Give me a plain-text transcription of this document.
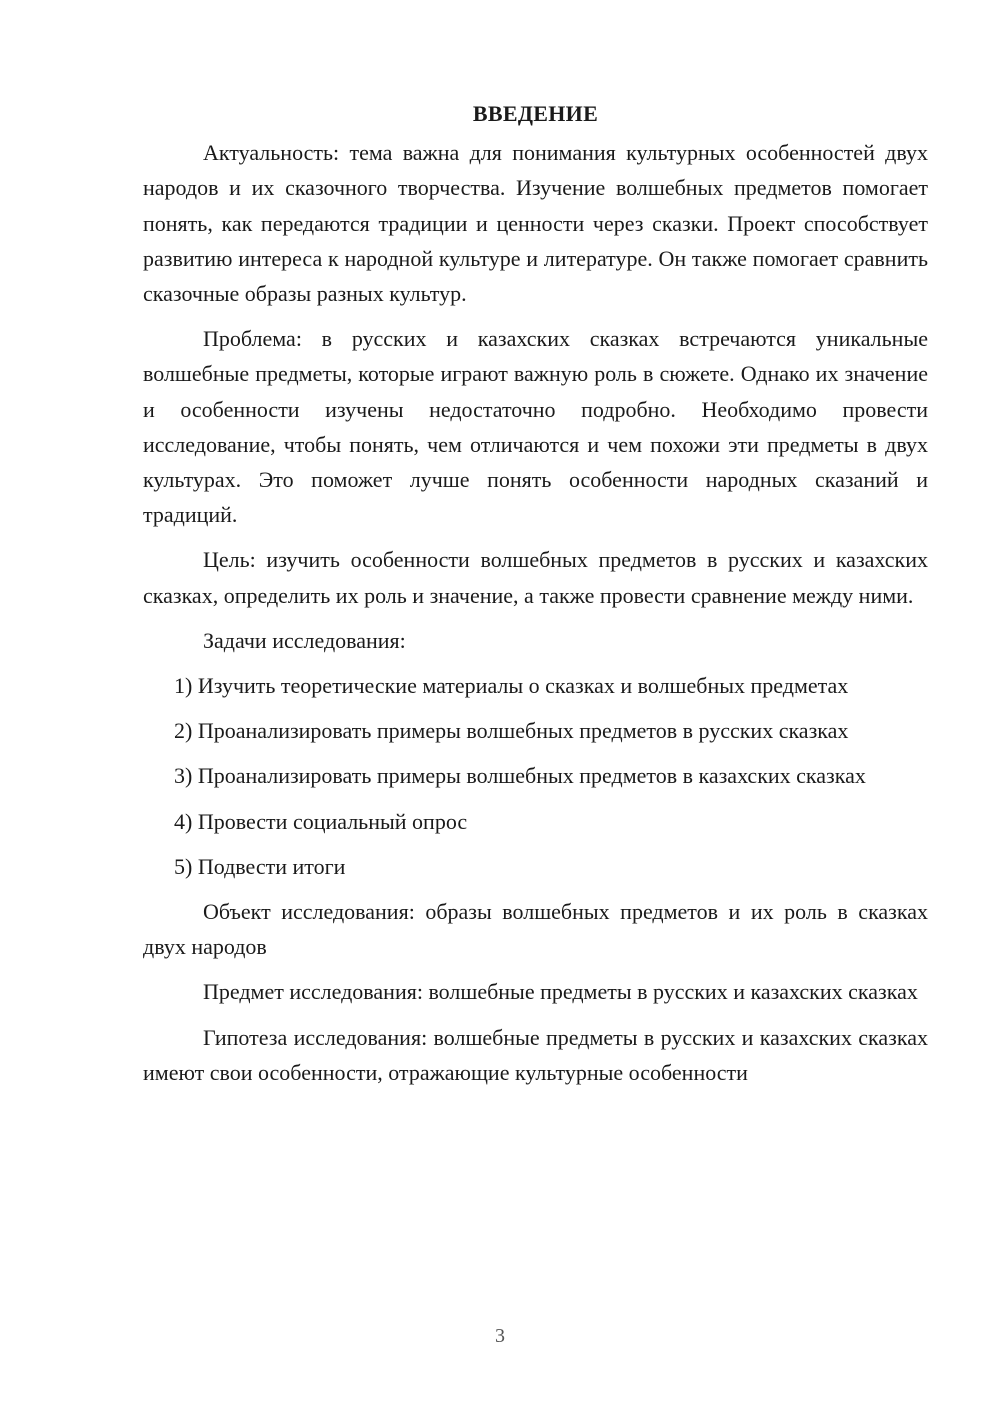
ВВЕДЕНИЕ

Актуальность: тема важна для понимания культурных особенностей двух народов и их сказочного творчества. Изучение волшебных предметов помогает понять, как передаются традиции и ценности через сказки. Проект способствует развитию интереса к народной культуре и литературе. Он также помогает сравнить сказочные образы разных культур.

Проблема: в русских и казахских сказках встречаются уникальные волшебные предметы, которые играют важную роль в сюжете. Однако их значение и особенности изучены недостаточно подробно. Необходимо провести исследование, чтобы понять, чем отличаются и чем похожи эти предметы в двух культурах. Это поможет лучше понять особенности народных сказаний и традиций.

Цель: изучить особенности волшебных предметов в русских и казахских сказках, определить их роль и значение, а также провести сравнение между ними.

Задачи исследования:

1) Изучить теоретические материалы о сказках и волшебных предметах

2) Проанализировать примеры волшебных предметов в русских сказках

3) Проанализировать примеры волшебных предметов в казахских сказках

4) Провести социальный опрос

5) Подвести итоги

Объект исследования: образы волшебных предметов и их роль в сказках двух народов

Предмет исследования: волшебные предметы в русских и казахских сказках

Гипотеза исследования: волшебные предметы в русских и казахских сказках имеют свои особенности, отражающие культурные особенности

3
